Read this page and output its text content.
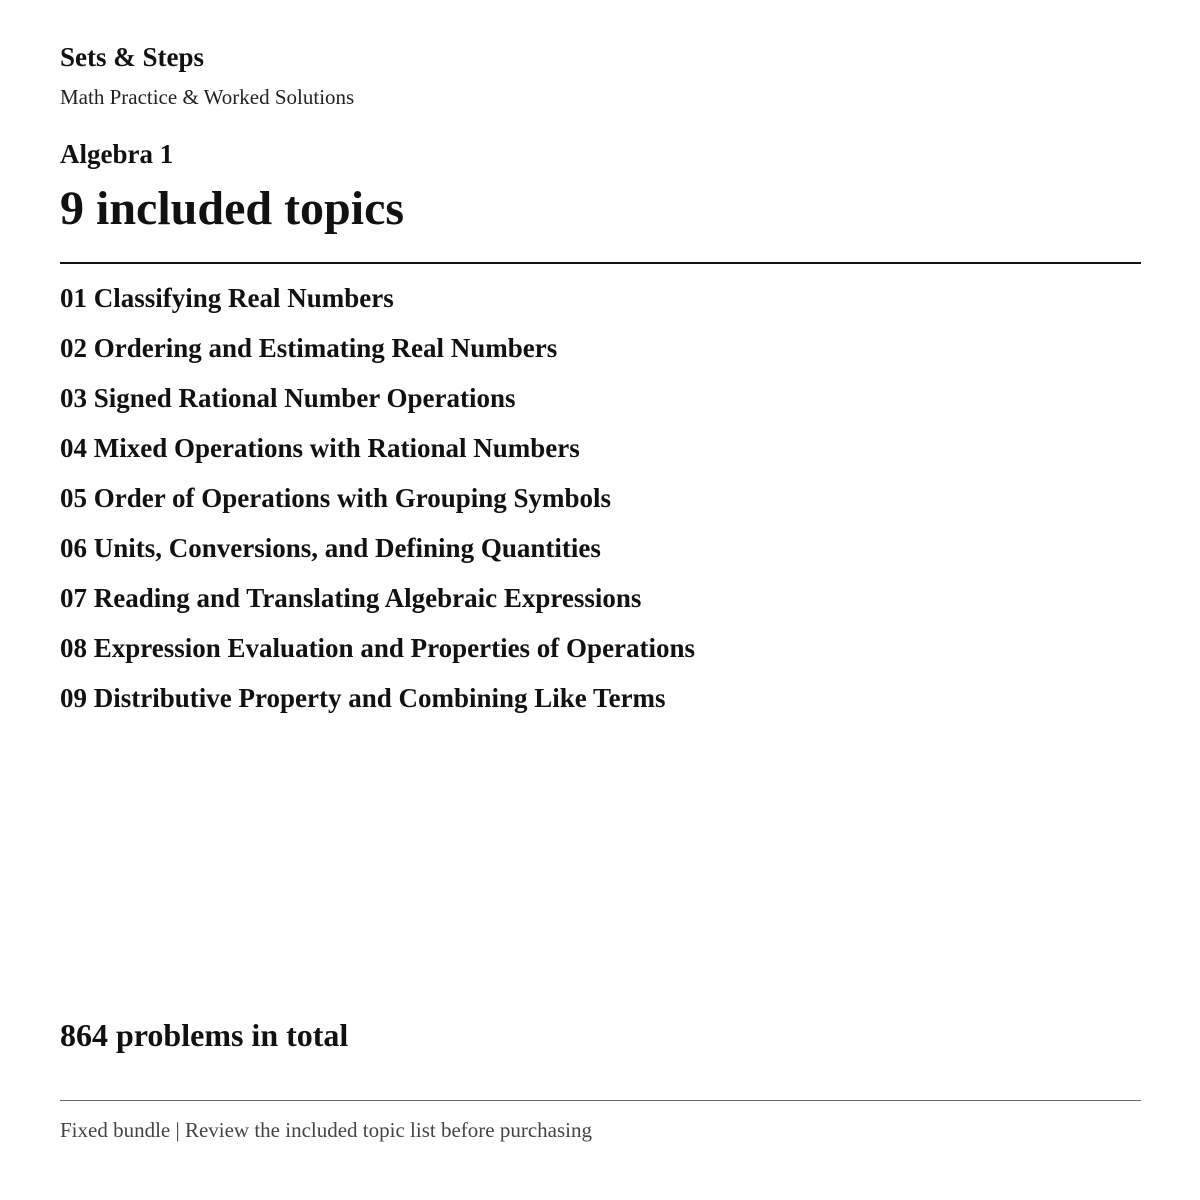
Sets & Steps
Math Practice & Worked Solutions
Algebra 1
9 included topics
01 Classifying Real Numbers
02 Ordering and Estimating Real Numbers
03 Signed Rational Number Operations
04 Mixed Operations with Rational Numbers
05 Order of Operations with Grouping Symbols
06 Units, Conversions, and Defining Quantities
07 Reading and Translating Algebraic Expressions
08 Expression Evaluation and Properties of Operations
09 Distributive Property and Combining Like Terms
864 problems in total
Fixed bundle | Review the included topic list before purchasing
